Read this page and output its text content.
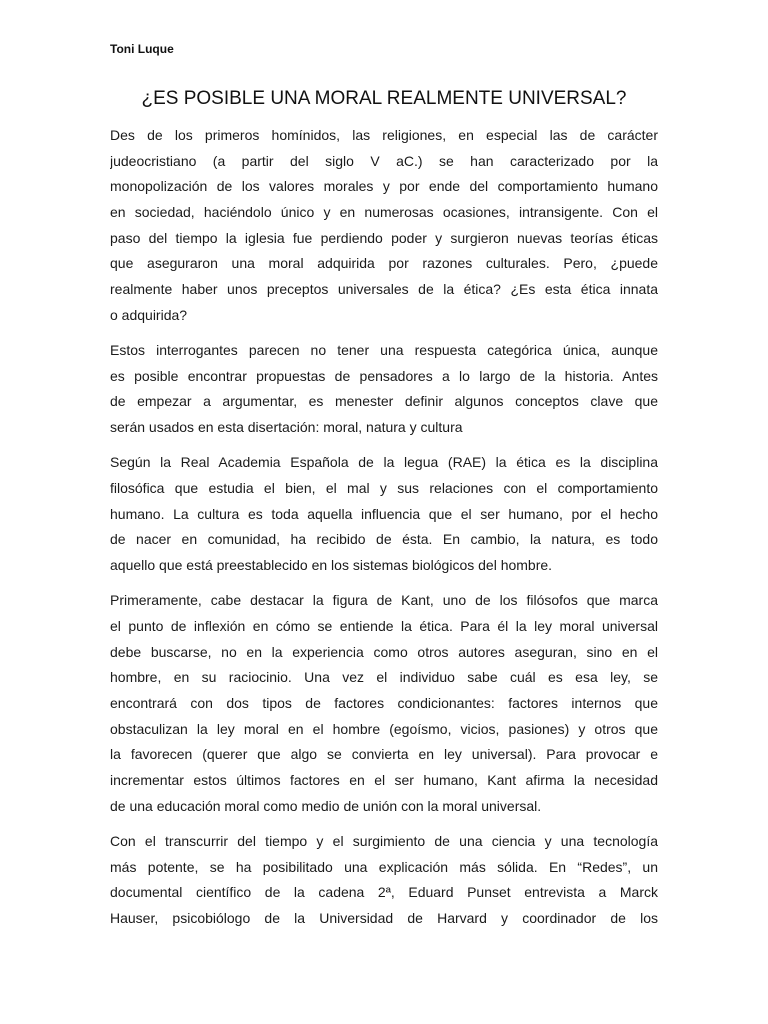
Toni Luque
¿ES POSIBLE UNA MORAL REALMENTE UNIVERSAL?
Des de los primeros homínidos, las religiones, en especial las de carácter
judeocristiano (a partir del siglo V aC.) se han caracterizado por la
monopolización de los valores morales y por ende del comportamiento humano
en sociedad, haciéndolo único y en numerosas ocasiones, intransigente. Con el
paso del tiempo la iglesia fue perdiendo poder y surgieron nuevas teorías éticas
que aseguraron una moral adquirida por razones culturales. Pero, ¿puede
realmente haber unos preceptos universales de la ética? ¿Es esta ética innata
o adquirida?
Estos interrogantes parecen no tener una respuesta categórica única, aunque
es posible encontrar propuestas de pensadores a lo largo de la historia. Antes
de empezar a argumentar, es menester definir algunos conceptos clave que
serán usados en esta disertación: moral, natura y cultura
Según la Real Academia Española de la legua (RAE) la ética es la disciplina
filosófica que estudia el bien, el mal y sus relaciones con el comportamiento
humano. La cultura es toda aquella influencia que el ser humano, por el hecho
de nacer en comunidad, ha recibido de ésta. En cambio, la natura, es todo
aquello que está preestablecido en los sistemas biológicos del hombre.
Primeramente, cabe destacar la figura de Kant, uno de los filósofos que marca
el punto de inflexión en cómo se entiende la ética. Para él la ley moral universal
debe buscarse, no en la experiencia como otros autores aseguran, sino en el
hombre, en su raciocinio. Una vez el individuo sabe cuál es esa ley, se
encontrará con dos tipos de factores condicionantes: factores internos que
obstaculizan la ley moral en el hombre (egoísmo, vicios, pasiones) y otros que
la favorecen (querer que algo se convierta en ley universal). Para provocar e
incrementar estos últimos factores en el ser humano, Kant afirma la necesidad
de una educación moral como medio de unión con la moral universal.
Con el transcurrir del tiempo y el surgimiento de una ciencia y una tecnología
más potente, se ha posibilitado una explicación más sólida. En “Redes”, un
documental científico de la cadena 2ª, Eduard Punset entrevista a Marck
Hauser, psicobiólogo de la Universidad de Harvard y coordinador de los
